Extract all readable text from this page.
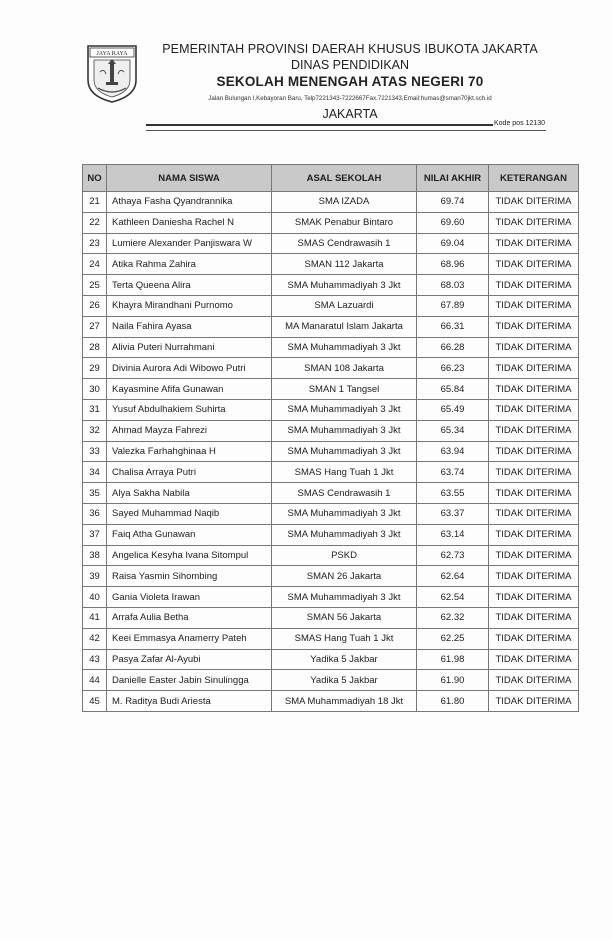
JAYA RAYA	PEMERINTAH PROVINSI DAERAH KHUSUS IBUKOTA JAKARTA
DINAS PENDIDIKAN
SEKOLAH MENENGAH ATAS NEGERI 70
Jalan Bulungan I,Kebayoran Baru, Telp7221343-7222667Fax.7221343,Email:humas@sman70jkt.sch.id
JAKARTA
Kode pos 12130
NO	NAMA SISWA	ASAL SEKOLAH	NILAI AKHIR	KETERANGAN
21	Athaya Fasha Qyandrannika	SMA IZADA	69.74	TIDAK DITERIMA
22	Kathleen Daniesha Rachel N	SMAK Penabur Bintaro	69.60	TIDAK DITERIMA
23	Lumiere Alexander Panjiswara W	SMAS Cendrawasih 1	69.04	TIDAK DITERIMA
24	Atika Rahma Zahira	SMAN 112 Jakarta	68.96	TIDAK DITERIMA
25	Terta Queena Alira	SMA Muhammadiyah 3 Jkt	68.03	TIDAK DITERIMA
26	Khayra Mirandhani Purnomo	SMA Lazuardi	67.89	TIDAK DITERIMA
27	Naila Fahira Ayasa	MA Manaratul Islam Jakarta	66.31	TIDAK DITERIMA
28	Alivia Puteri Nurrahmani	SMA Muhammadiyah 3 Jkt	66.28	TIDAK DITERIMA
29	Divinia Aurora Adi Wibowo Putri	SMAN 108 Jakarta	66.23	TIDAK DITERIMA
30	Kayasmine Afifa Gunawan	SMAN 1 Tangsel	65.84	TIDAK DITERIMA
31	Yusuf Abdulhakiem Suhirta	SMA Muhammadiyah 3 Jkt	65.49	TIDAK DITERIMA
32	Ahmad Mayza Fahrezi	SMA Muhammadiyah 3 Jkt	65.34	TIDAK DITERIMA
33	Valezka Farhahghinaa H	SMA Muhammadiyah 3 Jkt	63.94	TIDAK DITERIMA
34	Chalisa Arraya Putri	SMAS Hang Tuah 1 Jkt	63.74	TIDAK DITERIMA
35	Alya Sakha Nabila	SMAS Cendrawasih 1	63.55	TIDAK DITERIMA
36	Sayed Muhammad Naqib	SMA Muhammadiyah 3 Jkt	63.37	TIDAK DITERIMA
37	Faiq Atha Gunawan	SMA Muhammadiyah 3 Jkt	63.14	TIDAK DITERIMA
38	Angelica Kesyha Ivana Sitompul	PSKD	62.73	TIDAK DITERIMA
39	Raisa Yasmin Sihombing	SMAN 26 Jakarta	62.64	TIDAK DITERIMA
40	Gania Violeta Irawan	SMA Muhammadiyah 3 Jkt	62.54	TIDAK DITERIMA
41	Arrafa Aulia Betha	SMAN 56 Jakarta	62.32	TIDAK DITERIMA
42	Keei Emmasya Anamerry Pateh	SMAS Hang Tuah 1 Jkt	62.25	TIDAK DITERIMA
43	Pasya Zafar Al-Ayubi	Yadika 5 Jakbar	61.98	TIDAK DITERIMA
44	Danielle Easter Jabin Sinulingga	Yadika 5 Jakbar	61.90	TIDAK DITERIMA
45	M. Raditya Budi Ariesta	SMA Muhammadiyah 18 Jkt	61.80	TIDAK DITERIMA
